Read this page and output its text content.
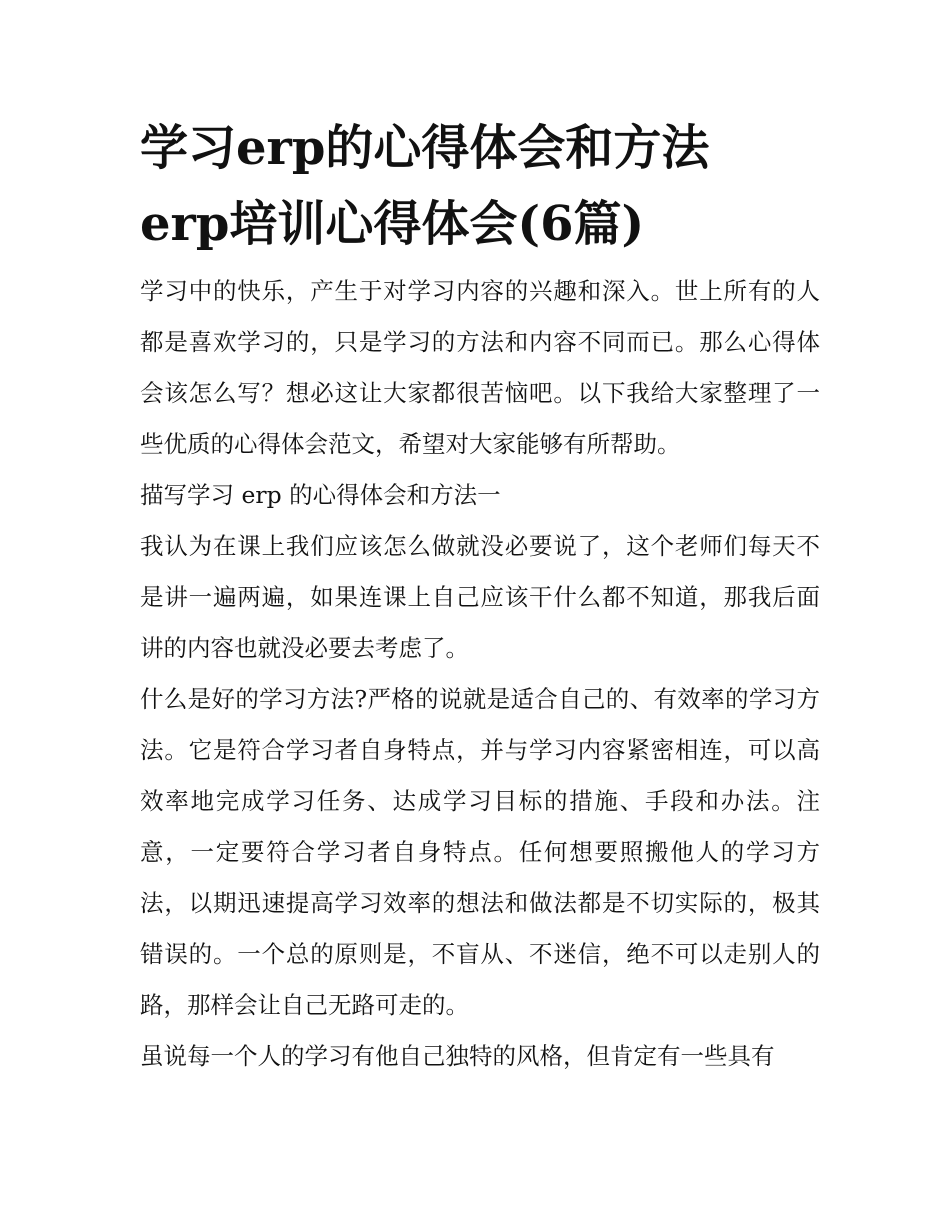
学习erp的心得体会和方法
erp培训心得体会(6篇)

学习中的快乐，产生于对学习内容的兴趣和深入。世上所有的人都是喜欢学习的，只是学习的方法和内容不同而已。那么心得体会该怎么写？想必这让大家都很苦恼吧。以下我给大家整理了一些优质的心得体会范文，希望对大家能够有所帮助。

描写学习 erp 的心得体会和方法一

我认为在课上我们应该怎么做就没必要说了，这个老师们每天不是讲一遍两遍，如果连课上自己应该干什么都不知道，那我后面讲的内容也就没必要去考虑了。

什么是好的学习方法?严格的说就是适合自己的、有效率的学习方法。它是符合学习者自身特点，并与学习内容紧密相连，可以高效率地完成学习任务、达成学习目标的措施、手段和办法。注意，一定要符合学习者自身特点。任何想要照搬他人的学习方法，以期迅速提高学习效率的想法和做法都是不切实际的，极其错误的。一个总的原则是，不盲从、不迷信，绝不可以走别人的路，那样会让自己无路可走的。

虽说每一个人的学习有他自己独特的风格，但肯定有一些具有
